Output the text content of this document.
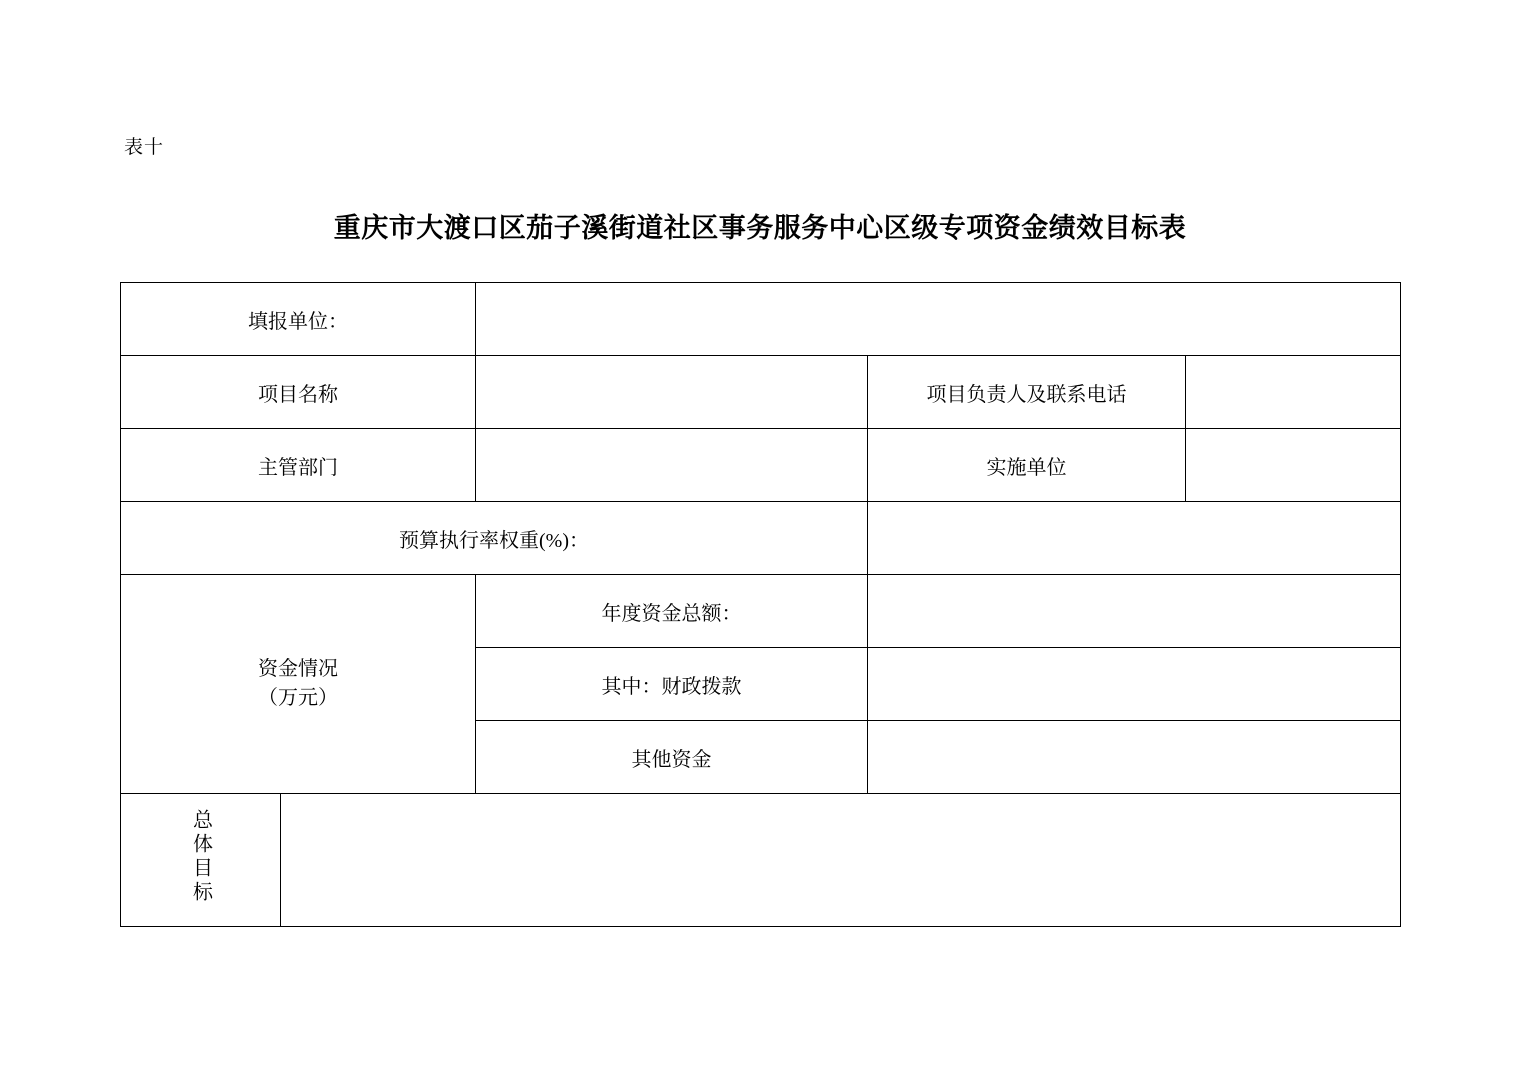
表十
重庆市大渡口区茄子溪街道社区事务服务中心区级专项资金绩效目标表
填报单位：				
项目名称			项目负责人及联系电话	
主管部门			实施单位	
预算执行率权重(%)：				

资金情况
（万元）		年度资金总额：		
		其中：财政拨款		
		其他资金		
总体目标				
